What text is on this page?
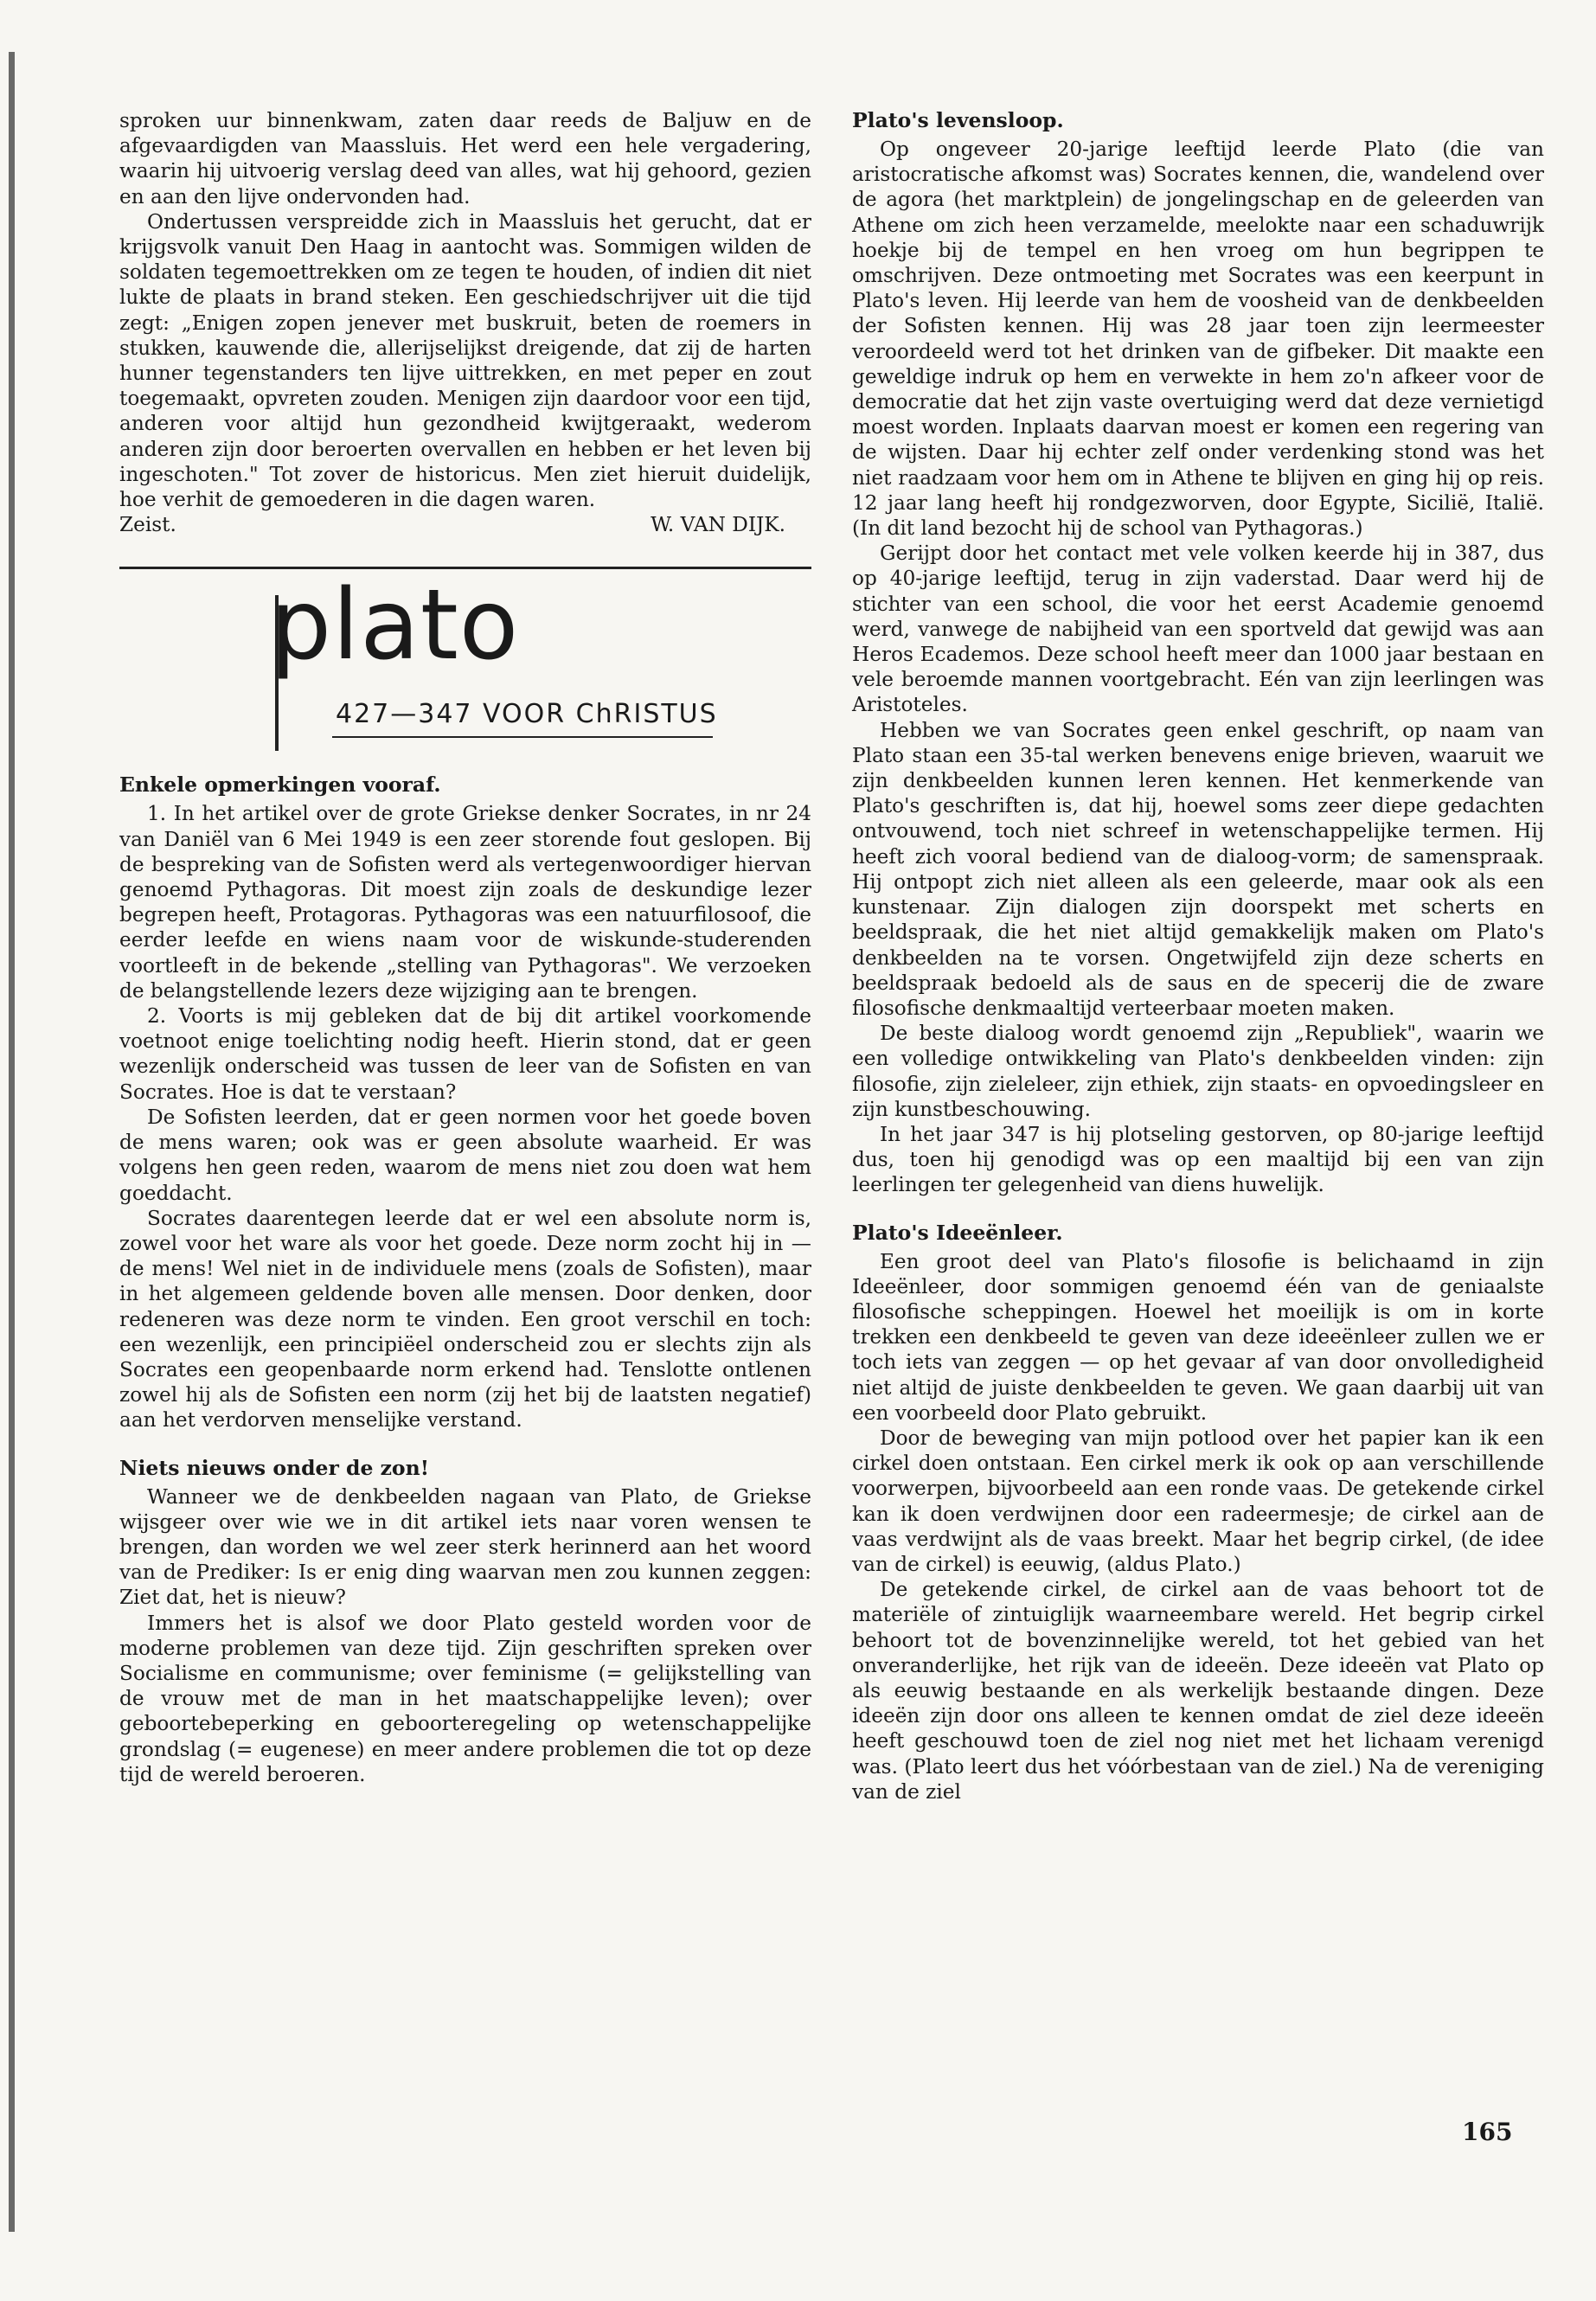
sproken uur binnenkwam, zaten daar reeds de Baljuw en de afgevaardigden van Maassluis. Het werd een hele vergadering, waarin hij uitvoerig verslag deed van alles, wat hij gehoord, gezien en aan den lijve ondervonden had.

Ondertussen verspreidde zich in Maassluis het gerucht, dat er krijgsvolk vanuit Den Haag in aantocht was. Sommigen wilden de soldaten tegemoettrekken om ze tegen te houden, of indien dit niet lukte de plaats in brand steken. Een geschiedschrijver uit die tijd zegt: „Enigen zopen jenever met buskruit, beten de roemers in stukken, kauwende die, allerijselijkst dreigende, dat zij de harten hunner tegenstanders ten lijve uittrekken, en met peper en zout toegemaakt, opvreten zouden. Menigen zijn daardoor voor een tijd, anderen voor altijd hun gezondheid kwijtgeraakt, wederom anderen zijn door beroerten overvallen en hebben er het leven bij ingeschoten." Tot zover de historicus. Men ziet hieruit duidelijk, hoe verhit de gemoederen in die dagen waren.

Zeist.	W. VAN DIJK.

plato
427—347 VOOR ChRISTUS
Enkele opmerkingen vooraf.

1. In het artikel over de grote Griekse denker Socrates, in nr 24 van Daniël van 6 Mei 1949 is een zeer storende fout geslopen. Bij de bespreking van de Sofisten werd als vertegenwoordiger hiervan genoemd Pythagoras. Dit moest zijn zoals de deskundige lezer begrepen heeft, Protagoras. Pythagoras was een natuurfilosoof, die eerder leefde en wiens naam voor de wiskunde-studerenden voortleeft in de bekende „stelling van Pythagoras". We verzoeken de belangstellende lezers deze wijziging aan te brengen.

2. Voorts is mij gebleken dat de bij dit artikel voorkomende voetnoot enige toelichting nodig heeft. Hierin stond, dat er geen wezenlijk onderscheid was tussen de leer van de Sofisten en van Socrates. Hoe is dat te verstaan?

De Sofisten leerden, dat er geen normen voor het goede boven de mens waren; ook was er geen absolute waarheid. Er was volgens hen geen reden, waarom de mens niet zou doen wat hem goeddacht.

Socrates daarentegen leerde dat er wel een absolute norm is, zowel voor het ware als voor het goede. Deze norm zocht hij in — de mens! Wel niet in de individuele mens (zoals de Sofisten), maar in het algemeen geldende boven alle mensen. Door denken, door redeneren was deze norm te vinden. Een groot verschil en toch: een wezenlijk, een principiëel onderscheid zou er slechts zijn als Socrates een geopenbaarde norm erkend had. Tenslotte ontlenen zowel hij als de Sofisten een norm (zij het bij de laatsten negatief) aan het verdorven menselijke verstand.

Niets nieuws onder de zon!

Wanneer we de denkbeelden nagaan van Plato, de Griekse wijsgeer over wie we in dit artikel iets naar voren wensen te brengen, dan worden we wel zeer sterk herinnerd aan het woord van de Prediker: Is er enig ding waarvan men zou kunnen zeggen: Ziet dat, het is nieuw?

Immers het is alsof we door Plato gesteld worden voor de moderne problemen van deze tijd. Zijn geschriften spreken over Socialisme en communisme; over feminisme (= gelijkstelling van de vrouw met de man in het maatschappelijke leven); over geboortebeperking en geboorteregeling op wetenschappelijke grondslag (= eugenese) en meer andere problemen die tot op deze tijd de wereld beroeren.

Plato's levensloop.

Op ongeveer 20-jarige leeftijd leerde Plato (die van aristocratische afkomst was) Socrates kennen, die, wandelend over de agora (het marktplein) de jongelingschap en de geleerden van Athene om zich heen verzamelde, meelokte naar een schaduwrijk hoekje bij de tempel en hen vroeg om hun begrippen te omschrijven. Deze ontmoeting met Socrates was een keerpunt in Plato's leven. Hij leerde van hem de voosheid van de denkbeelden der Sofisten kennen. Hij was 28 jaar toen zijn leermeester veroordeeld werd tot het drinken van de gifbeker. Dit maakte een geweldige indruk op hem en verwekte in hem zo'n afkeer voor de democratie dat het zijn vaste overtuiging werd dat deze vernietigd moest worden. Inplaats daarvan moest er komen een regering van de wijsten. Daar hij echter zelf onder verdenking stond was het niet raadzaam voor hem om in Athene te blijven en ging hij op reis. 12 jaar lang heeft hij rondgezworven, door Egypte, Sicilië, Italië. (In dit land bezocht hij de school van Pythagoras.)

Gerijpt door het contact met vele volken keerde hij in 387, dus op 40-jarige leeftijd, terug in zijn vaderstad. Daar werd hij de stichter van een school, die voor het eerst Academie genoemd werd, vanwege de nabijheid van een sportveld dat gewijd was aan Heros Ecademos. Deze school heeft meer dan 1000 jaar bestaan en vele beroemde mannen voortgebracht. Eén van zijn leerlingen was Aristoteles.

Hebben we van Socrates geen enkel geschrift, op naam van Plato staan een 35-tal werken benevens enige brieven, waaruit we zijn denkbeelden kunnen leren kennen. Het kenmerkende van Plato's geschriften is, dat hij, hoewel soms zeer diepe gedachten ontvouwend, toch niet schreef in wetenschappelijke termen. Hij heeft zich vooral bediend van de dialoog-vorm; de samenspraak. Hij ontpopt zich niet alleen als een geleerde, maar ook als een kunstenaar. Zijn dialogen zijn doorspekt met scherts en beeldspraak, die het niet altijd gemakkelijk maken om Plato's denkbeelden na te vorsen. Ongetwijfeld zijn deze scherts en beeldspraak bedoeld als de saus en de specerij die de zware filosofische denkmaaltijd verteerbaar moeten maken.

De beste dialoog wordt genoemd zijn „Republiek", waarin we een volledige ontwikkeling van Plato's denkbeelden vinden: zijn filosofie, zijn zieleleer, zijn ethiek, zijn staats- en opvoedingsleer en zijn kunstbeschouwing.

In het jaar 347 is hij plotseling gestorven, op 80-jarige leeftijd dus, toen hij genodigd was op een maaltijd bij een van zijn leerlingen ter gelegenheid van diens huwelijk.

Plato's Ideeënleer.

Een groot deel van Plato's filosofie is belichaamd in zijn Ideeënleer, door sommigen genoemd één van de geniaalste filosofische scheppingen. Hoewel het moeilijk is om in korte trekken een denkbeeld te geven van deze ideeënleer zullen we er toch iets van zeggen — op het gevaar af van door onvolledigheid niet altijd de juiste denkbeelden te geven. We gaan daarbij uit van een voorbeeld door Plato gebruikt.

Door de beweging van mijn potlood over het papier kan ik een cirkel doen ontstaan. Een cirkel merk ik ook op aan verschillende voorwerpen, bijvoorbeeld aan een ronde vaas. De getekende cirkel kan ik doen verdwijnen door een radeermesje; de cirkel aan de vaas verdwijnt als de vaas breekt. Maar het begrip cirkel, (de idee van de cirkel) is eeuwig, (aldus Plato.)

De getekende cirkel, de cirkel aan de vaas behoort tot de materiële of zintuiglijk waarneembare wereld. Het begrip cirkel behoort tot de bovenzinnelijke wereld, tot het gebied van het onveranderlijke, het rijk van de ideeën. Deze ideeën vat Plato op als eeuwig bestaande en als werkelijk bestaande dingen. Deze ideeën zijn door ons alleen te kennen omdat de ziel deze ideeën heeft geschouwd toen de ziel nog niet met het lichaam verenigd was. (Plato leert dus het vóórbestaan van de ziel.) Na de vereniging van de ziel

165
